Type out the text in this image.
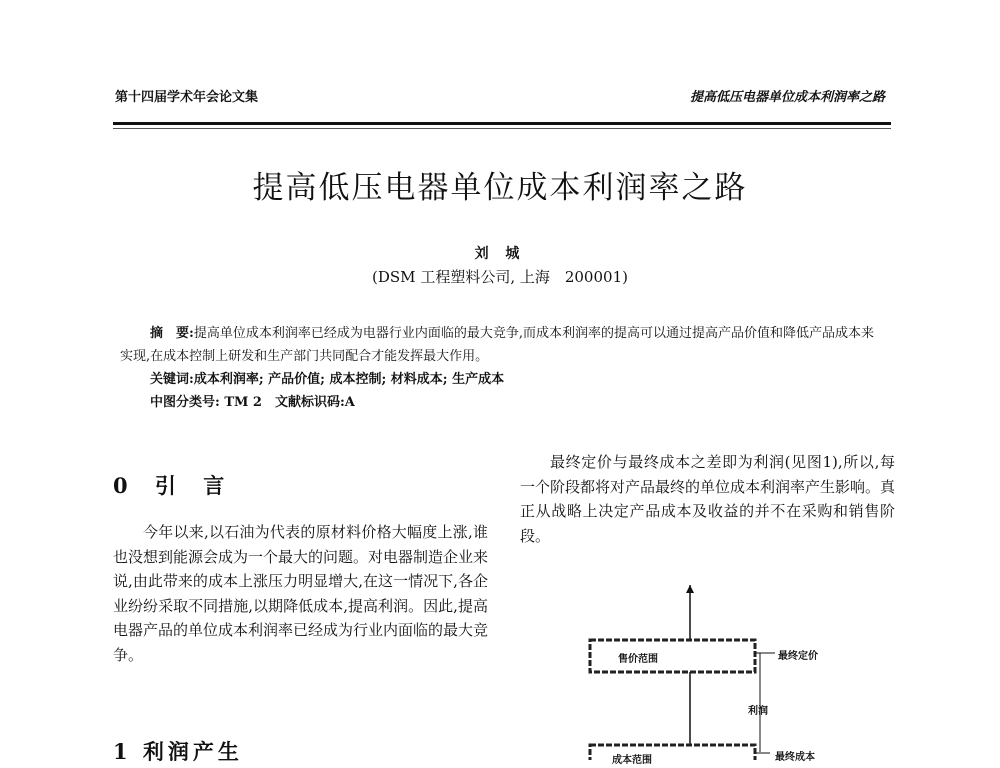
第十四届学术年会论文集	提高低压电器单位成本利润率之路
提高低压电器单位成本利润率之路
刘 城
(DSM 工程塑料公司, 上海　200001)
摘　要:提高单位成本利润率已经成为电器行业内面临的最大竞争,而成本利润率的提高可以通过提高产品价值和降低产品成本来实现,在成本控制上研发和生产部门共同配合才能发挥最大作用。
关键词:成本利润率; 产品价值; 成本控制; 材料成本; 生产成本
中图分类号: TM 2　文献标识码:A
0 引 言

今年以来,以石油为代表的原材料价格大幅度上涨,谁也没想到能源会成为一个最大的问题。对电器制造企业来说,由此带来的成本上涨压力明显增大,在这一情况下,各企业纷纷采取不同措施,以期降低成本,提高利润。因此,提高电器产品的单位成本利润率已经成为行业内面临的最大竞争。

1 利润产生

最终定价与最终成本之差即为利润(见图1),所以,每一个阶段都将对产品最终的单位成本利润率产生影响。真正从战略上决定产品成本及收益的并不在采购和销售阶段。

售价范围	最终定价
利润
成本范围	最终成本
